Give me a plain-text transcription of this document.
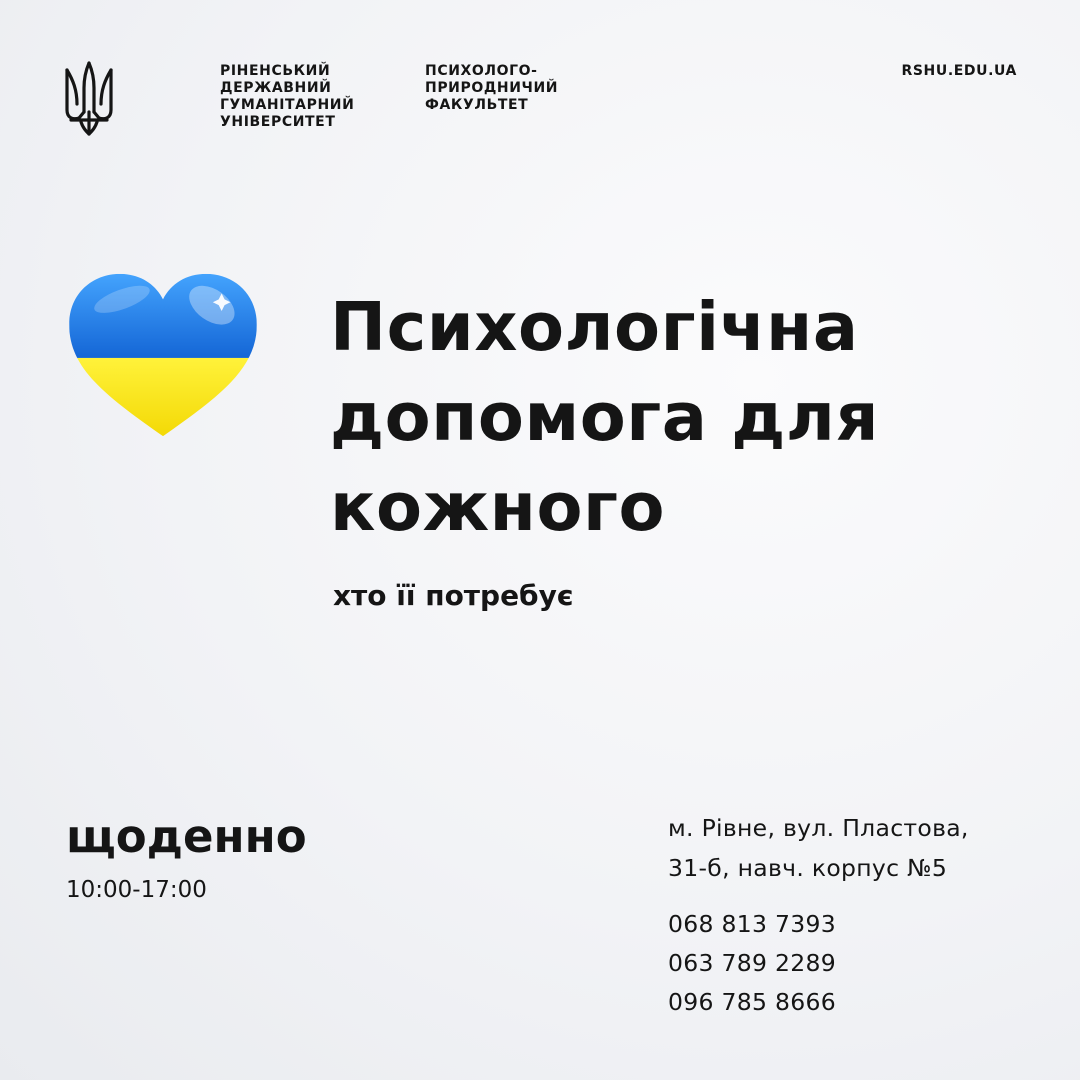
РІНЕНСЬКИЙ
ДЕРЖАВНИЙ
ГУМАНІТАРНИЙ
УНІВЕРСИТЕТ
ПСИХОЛОГО-
ПРИРОДНИЧИЙ
ФАКУЛЬТЕТ
RSHU.EDU.UA
Психологічна
допомога для
кожного
хто її потребує
щоденно
10:00-17:00
м. Рівне, вул. Пластова,
31-б, навч. корпус №5
068 813 7393
063 789 2289
096 785 8666
